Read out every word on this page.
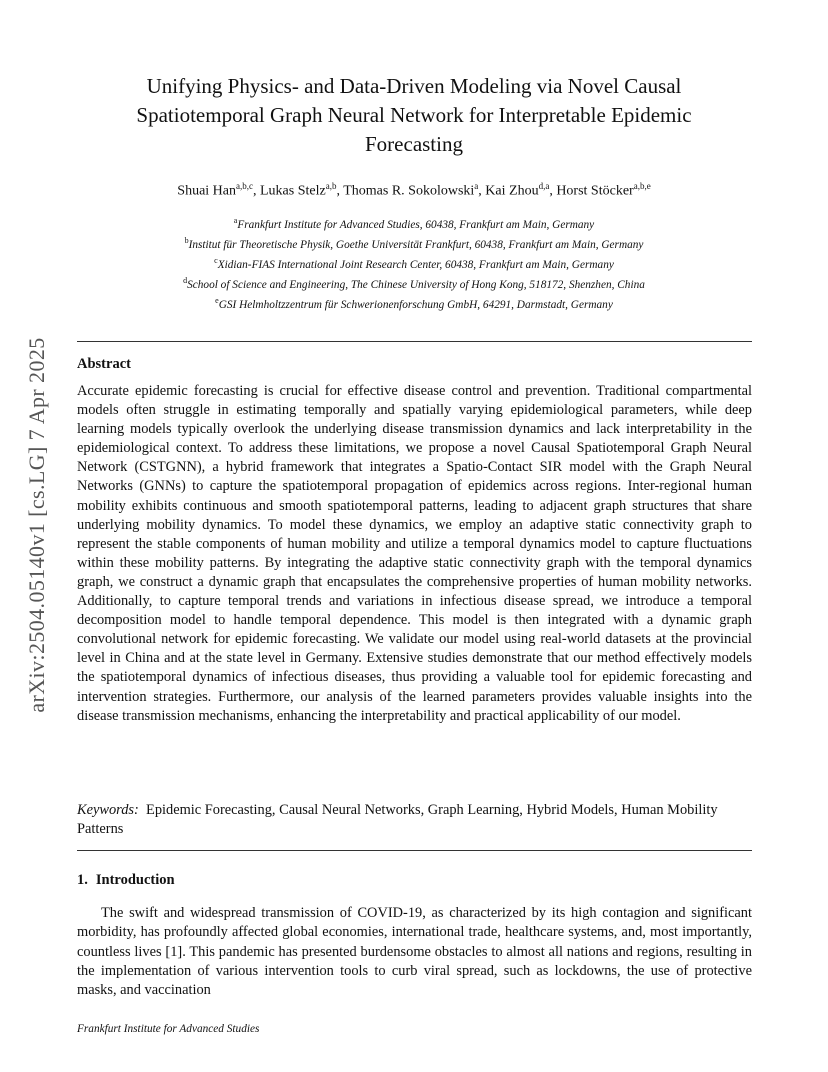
arXiv:2504.05140v1 [cs.LG] 7 Apr 2025
Unifying Physics- and Data-Driven Modeling via Novel Causal Spatiotemporal Graph Neural Network for Interpretable Epidemic Forecasting
Shuai Han$^{a,b,c}$, Lukas Stelz$^{a,b}$, Thomas R. Sokolowski$^a$, Kai Zhou$^{d,a}$, Horst Stöcker$^{a,b,e}$
$^a$Frankfurt Institute for Advanced Studies, 60438, Frankfurt am Main, Germany
$^b$Institut für Theoretische Physik, Goethe Universität Frankfurt, 60438, Frankfurt am Main, Germany
$^c$Xidian-FIAS International Joint Research Center, 60438, Frankfurt am Main, Germany
$^d$School of Science and Engineering, The Chinese University of Hong Kong, 518172, Shenzhen, China
$^e$GSI Helmholtzzentrum für Schwerionenforschung GmbH, 64291, Darmstadt, Germany
Abstract
Accurate epidemic forecasting is crucial for effective disease control and prevention. Traditional compartmental models often struggle in estimating temporally and spatially varying epidemiological parameters, while deep learning models typically overlook the underlying disease transmission dynamics and lack interpretability in the epidemiological context. To address these limitations, we propose a novel Causal Spatiotemporal Graph Neural Network (CSTGNN), a hybrid framework that integrates a Spatio-Contact SIR model with the Graph Neural Networks (GNNs) to capture the spatiotemporal propagation of epidemics across regions. Inter-regional human mobility exhibits continuous and smooth spatiotemporal patterns, leading to adjacent graph structures that share underlying mobility dynamics. To model these dynamics, we employ an adaptive static connectivity graph to represent the stable components of human mobility and utilize a temporal dynamics model to capture fluctuations within these mobility patterns. By integrating the adaptive static connectivity graph with the temporal dynamics graph, we construct a dynamic graph that encapsulates the comprehensive properties of human mobility networks. Additionally, to capture temporal trends and variations in infectious disease spread, we introduce a temporal decomposition model to handle temporal dependence. This model is then integrated with a dynamic graph convolutional network for epidemic forecasting. We validate our model using real-world datasets at the provincial level in China and at the state level in Germany. Extensive studies demonstrate that our method effectively models the spatiotemporal dynamics of infectious diseases, thus providing a valuable tool for epidemic forecasting and intervention strategies. Furthermore, our analysis of the learned parameters provides valuable insights into the disease transmission mechanisms, enhancing the interpretability and practical applicability of our model.
Keywords: Epidemic Forecasting, Causal Neural Networks, Graph Learning, Hybrid Models, Human Mobility Patterns
1. Introduction
The swift and widespread transmission of COVID-19, as characterized by its high contagion and significant morbidity, has profoundly affected global economies, international trade, healthcare systems, and, most importantly, countless lives [1]. This pandemic has presented burdensome obstacles to almost all nations and regions, resulting in the implementation of various intervention tools to curb viral spread, such as lockdowns, the use of protective masks, and vaccination
Frankfurt Institute for Advanced Studies
